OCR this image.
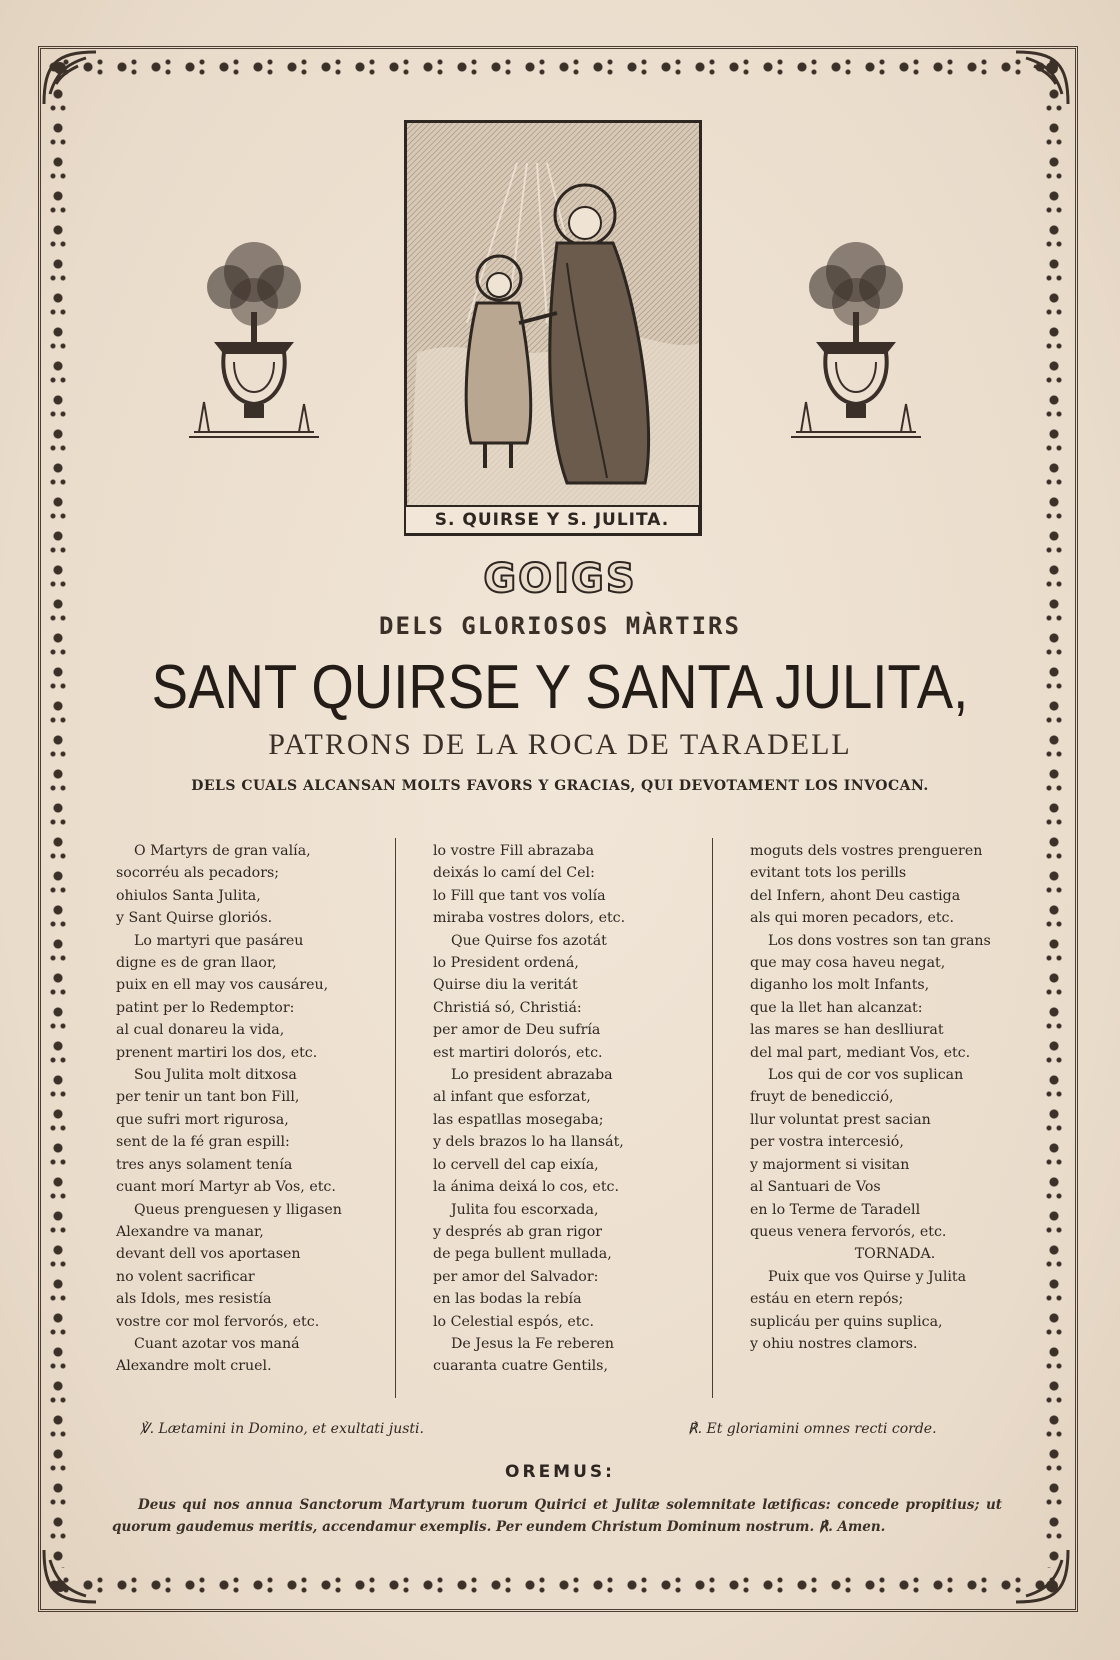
S. QUIRSE Y S. JULITA.
GOIGS
DELS GLORIOSOS MÀRTIRS
SANT QUIRSE Y SANTA JULITA,
PATRONS DE LA ROCA DE TARADELL
DELS CUALS ALCANSAN MOLTS FAVORS Y GRACIAS, QUI DEVOTAMENT LOS INVOCAN.
O Martyrs de gran valía,
socorréu als pecadors;
ohiulos Santa Julita,
y Sant Quirse gloriós.
Lo martyri que pasáreu
digne es de gran llaor,
puix en ell may vos causáreu,
patint per lo Redemptor:
al cual donareu la vida,
prenent martiri los dos, etc.
Sou Julita molt ditxosa
per tenir un tant bon Fill,
que sufri mort rigurosa,
sent de la fé gran espill:
tres anys solament tenía
cuant morí Martyr ab Vos, etc.
Queus prenguesen y lligasen
Alexandre va manar,
devant dell vos aportasen
no volent sacrificar
als Idols, mes resistía
vostre cor mol fervorós, etc.
Cuant azotar vos maná
Alexandre molt cruel.
lo vostre Fill abrazaba
deixás lo camí del Cel:
lo Fill que tant vos volía
miraba vostres dolors, etc.
Que Quirse fos azotát
lo President ordená,
Quirse diu la veritát
Christiá só, Christiá:
per amor de Deu sufría
est martiri dolorós, etc.
Lo president abrazaba
al infant que esforzat,
las espatllas mosegaba;
y dels brazos lo ha llansát,
lo cervell del cap eixía,
la ánima deixá lo cos, etc.
Julita fou escorxada,
y després ab gran rigor
de pega bullent mullada,
per amor del Salvador:
en las bodas la rebía
lo Celestial espós, etc.
De Jesus la Fe reberen
cuaranta cuatre Gentils,
moguts dels vostres prengueren
evitant tots los perills
del Infern, ahont Deu castiga
als qui moren pecadors, etc.
Los dons vostres son tan grans
que may cosa haveu negat,
diganho los molt Infants,
que la llet han alcanzat:
las mares se han deslliurat
del mal part, mediant Vos, etc.
Los qui de cor vos suplican
fruyt de benedicció,
llur voluntat prest sacian
per vostra intercesió,
y majorment si visitan
al Santuari de Vos
en lo Terme de Taradell
queus venera fervorós, etc.
TORNADA.
Puix que vos Quirse y Julita
estáu en etern repós;
suplicáu per quins suplica,
y ohiu nostres clamors.
℣. Lætamini in Domino, et exultati justi.	℟. Et gloriamini omnes recti corde.
OREMUS:
Deus qui nos annua Sanctorum Martyrum tuorum Quirici et Julitæ solemnitate lætificas: concede propitius; ut quorum gaudemus meritis, accendamur exemplis. Per eundem Christum Dominum nostrum. ℟. Amen.
